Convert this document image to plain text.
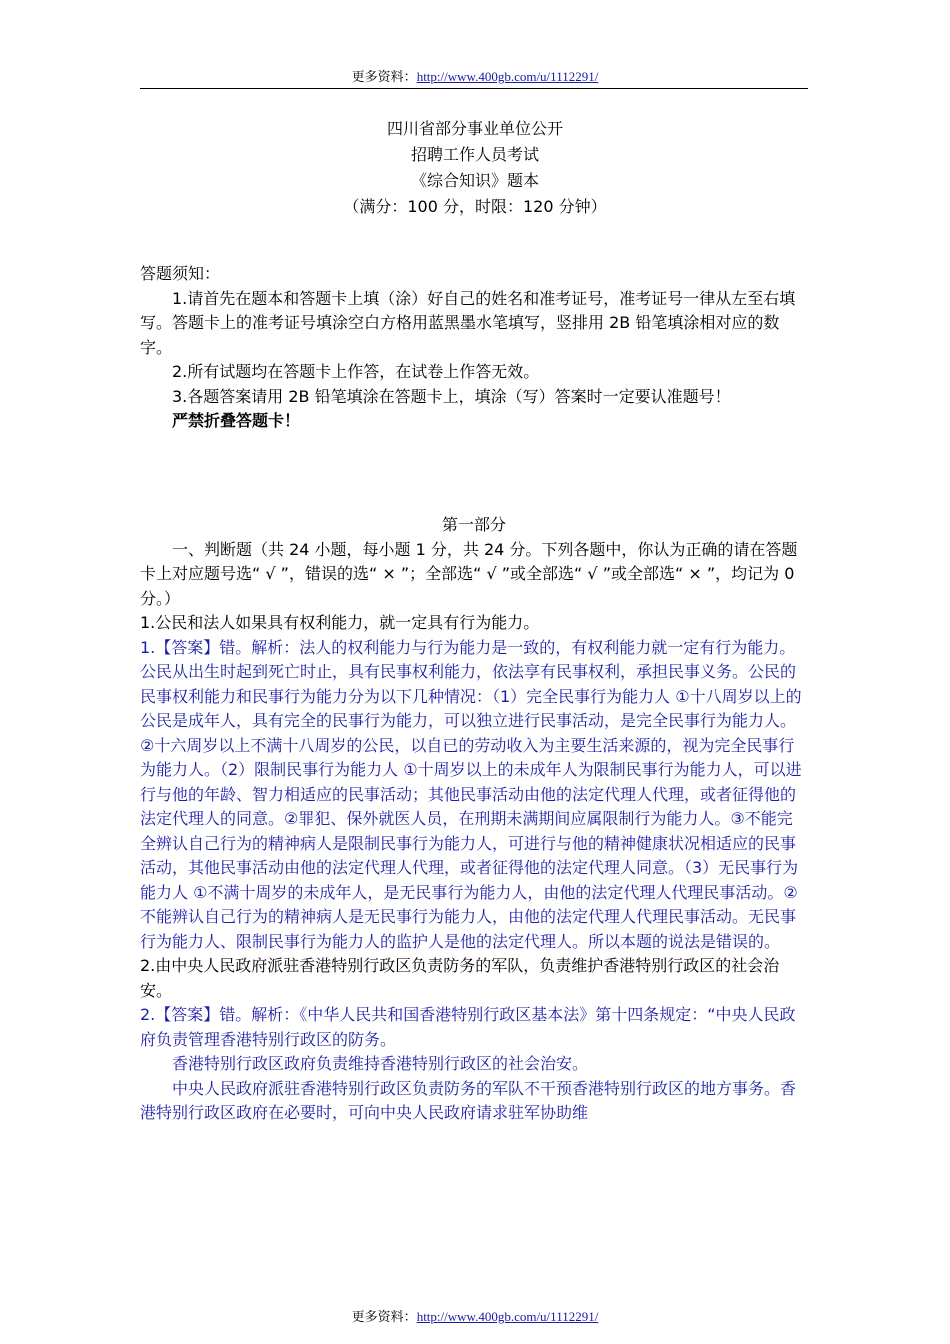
更多资料：http://www.400gb.com/u/1112291/
四川省部分事业单位公开
招聘工作人员考试
《综合知识》题本
（满分：100 分，时限：120 分钟）

答题须知：

1.请首先在题本和答题卡上填（涂）好自己的姓名和准考证号，准考证号一律从左至右填写。答题卡上的准考证号填涂空白方格用蓝黑墨水笔填写，竖排用 2B 铅笔填涂相对应的数字。

2.所有试题均在答题卡上作答，在试卷上作答无效。

3.各题答案请用 2B 铅笔填涂在答题卡上，填涂（写）答案时一定要认准题号！

严禁折叠答题卡！

第一部分

一、判断题（共 24 小题，每小题 1 分，共 24 分。下列各题中，你认为正确的请在答题卡上对应题号选“ √ ”，错误的选“ × ”；全部选“ √ ”或全部选“ √ ”或全部选“ × ”，均记为 0 分。）

1.公民和法人如果具有权利能力，就一定具有行为能力。

1.【答案】错。解析：法人的权利能力与行为能力是一致的，有权利能力就一定有行为能力。公民从出生时起到死亡时止，具有民事权利能力，依法享有民事权利，承担民事义务。公民的民事权利能力和民事行为能力分为以下几种情况：（1）完全民事行为能力人 ①十八周岁以上的公民是成年人，具有完全的民事行为能力，可以独立进行民事活动，是完全民事行为能力人。 ②十六周岁以上不满十八周岁的公民，以自已的劳动收入为主要生活来源的，视为完全民事行为能力人。（2）限制民事行为能力人 ①十周岁以上的未成年人为限制民事行为能力人，可以进行与他的年龄、智力相适应的民事活动；其他民事活动由他的法定代理人代理，或者征得他的法定代理人的同意。②罪犯、保外就医人员，在刑期未满期间应属限制行为能力人。③不能完全辨认自己行为的精神病人是限制民事行为能力人，可进行与他的精神健康状况相适应的民事活动，其他民事活动由他的法定代理人代理，或者征得他的法定代理人同意。（3）无民事行为能力人 ①不满十周岁的未成年人，是无民事行为能力人，由他的法定代理人代理民事活动。②不能辨认自己行为的精神病人是无民事行为能力人，由他的法定代理人代理民事活动。无民事行为能力人、限制民事行为能力人的监护人是他的法定代理人。所以本题的说法是错误的。

2.由中央人民政府派驻香港特别行政区负责防务的军队，负责维护香港特别行政区的社会治安。

2.【答案】错。解析：《中华人民共和国香港特别行政区基本法》第十四条规定：“中央人民政府负责管理香港特别行政区的防务。

香港特别行政区政府负责维持香港特别行政区的社会治安。

中央人民政府派驻香港特别行政区负责防务的军队不干预香港特别行政区的地方事务。香港特别行政区政府在必要时，可向中央人民政府请求驻军协助维

更多资料：http://www.400gb.com/u/1112291/
